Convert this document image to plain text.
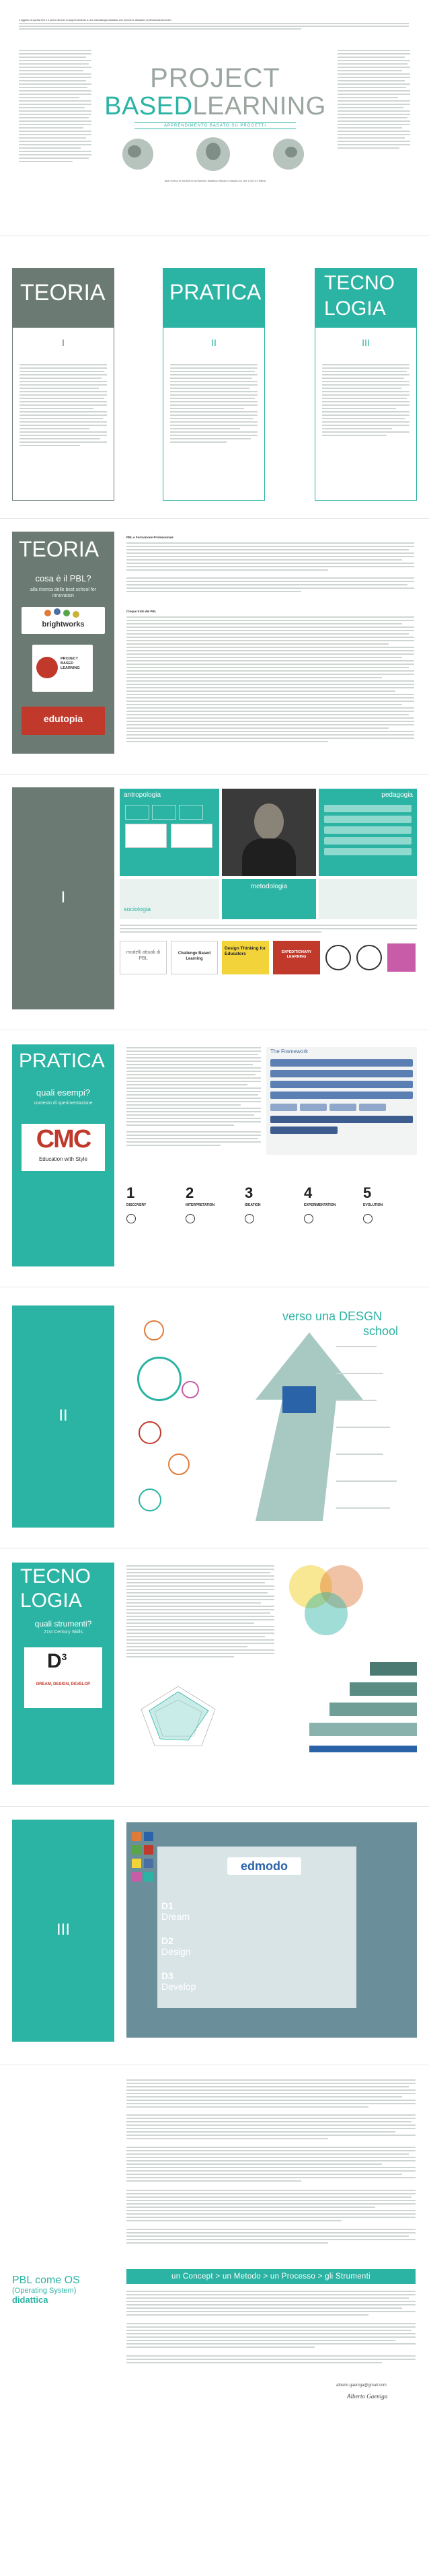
L'oggetto di questa tesi è il primo biennio ex apprendimento a una metodologia didattica che prende le discipline professionali tecniche...
PROJECT
BASEDLEARNING
APPRENDIMENTO BASATO SU PROGETTI
Alla ricerca di modelli di formazione didattica efficaci e basata sui cult 1.0/d 3.0 diffusi
TEORIA
I
PRATICA
II
TECNO
LOGIA
III
TEORIA
cosa è il PBL?
alla ricerca delle best school for innovation
brightworks
PROJECT BASED LEARNING
edutopia
PBL e Formazione Professionale
Cinque tratti del PBL
I
antropologia	pedagogia
sociologia
metodologia
modelli attuali di PBL
Challenge Based Learning
Design Thinking for Educators	EXPEDITIONARY LEARNING
PRATICA
quali esempi?
contesto di sperimentazione
CMC
Education with Style
The Framework
1
DISCOVERY
2
INTERPRETATION
3
IDEATION
4
EXPERIMENTATION
5
EVOLUTION
II
verso una DESGN
school
TECNO
LOGIA
quali strumenti?
21st Century Skills
$D^3$
DREAM, DESIGN, DEVELOP
III
edmodo
D1
Dream
D2
Design
D3
Develop
PBL come OS
(Operating System)
didattica
un Concept > un Metodo > un Processo > gli Strumenti
alberto.gaeniga@gmail.com
Alberto Gaeniga
